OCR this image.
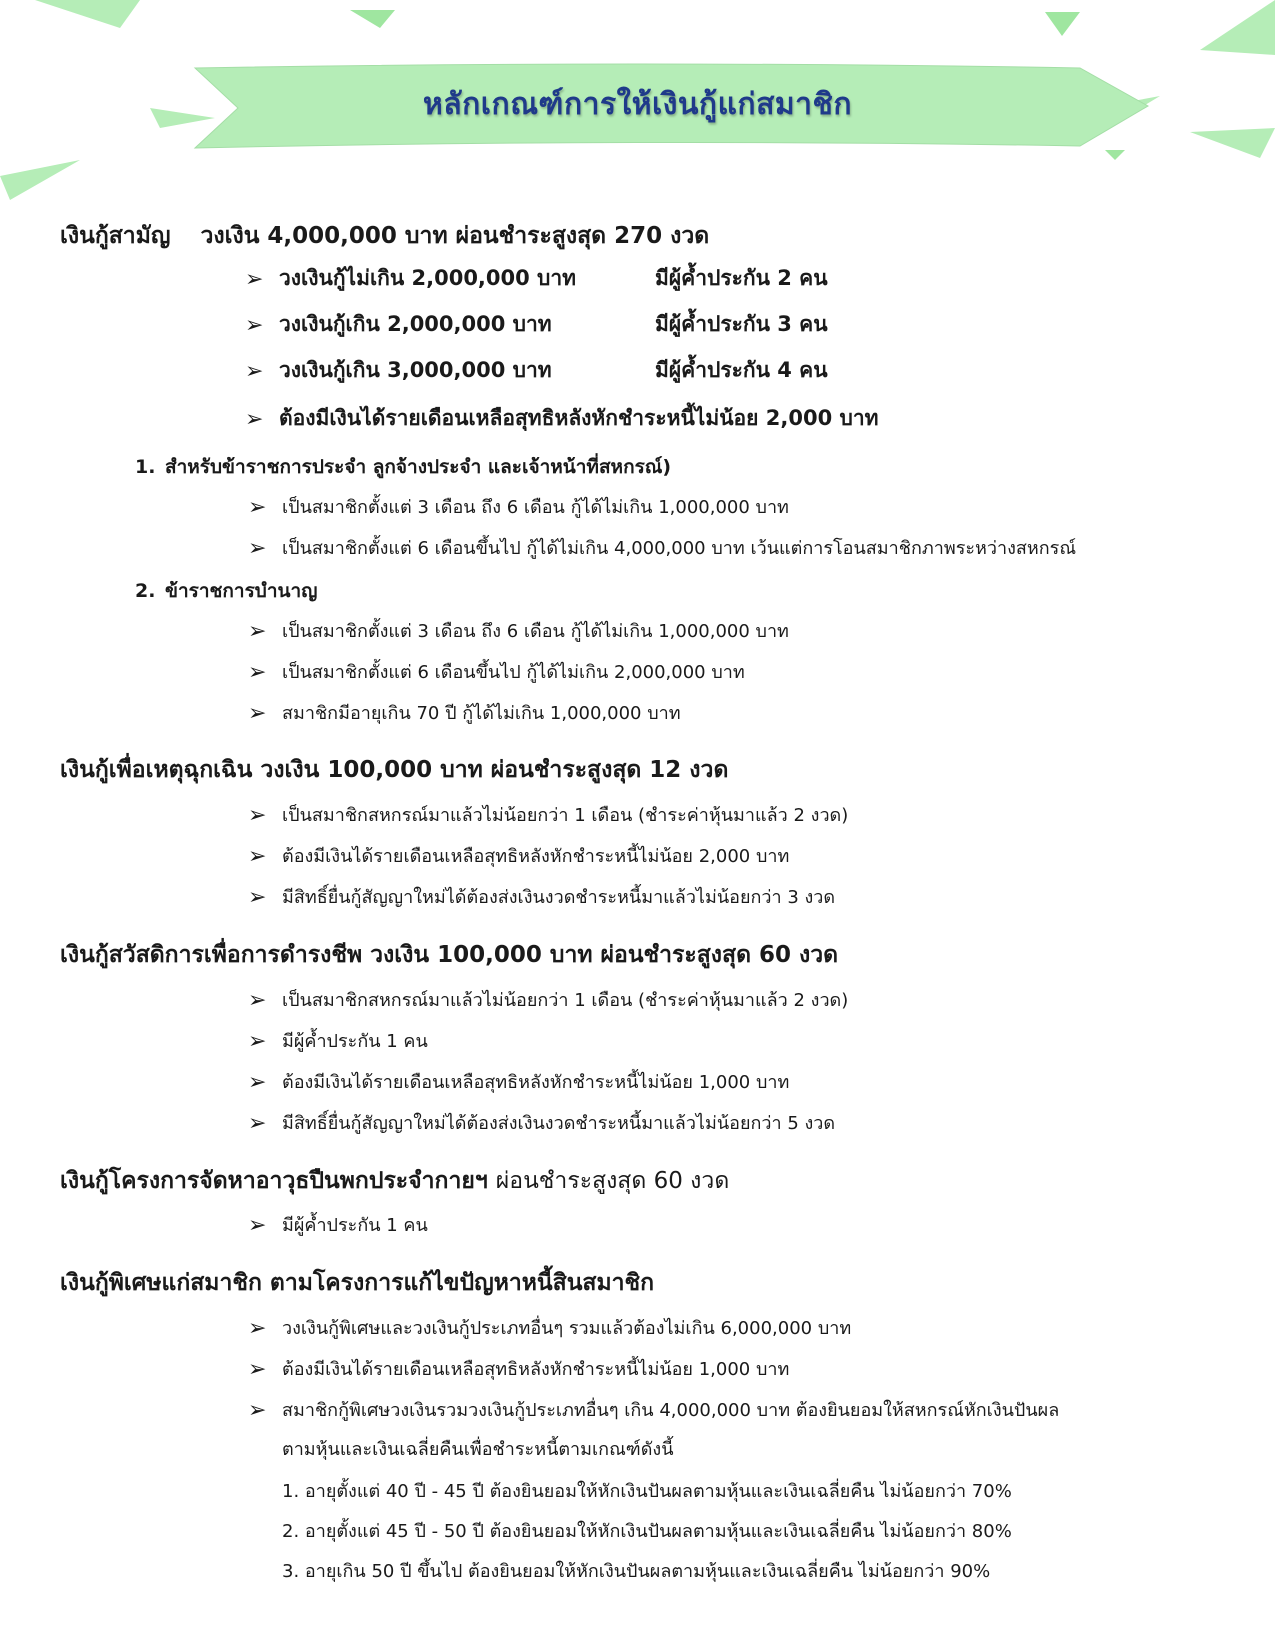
หลักเกณฑ์การให้เงินกู้แก่สมาชิก
เงินกู้สามัญ วงเงิน 4,000,000 บาท ผ่อนชำระสูงสุด 270 งวด
➢ วงเงินกู้ไม่เกิน 2,000,000 บาท	มีผู้ค้ำประกัน 2 คน
➢ วงเงินกู้เกิน 2,000,000 บาท	มีผู้ค้ำประกัน 3 คน
➢ วงเงินกู้เกิน 3,000,000 บาท	มีผู้ค้ำประกัน 4 คน
➢ ต้องมีเงินได้รายเดือนเหลือสุทธิหลังหักชำระหนี้ไม่น้อย 2,000 บาท
1. สำหรับข้าราชการประจำ ลูกจ้างประจำ และเจ้าหน้าที่สหกรณ์)
➢ เป็นสมาชิกตั้งแต่ 3 เดือน ถึง 6 เดือน กู้ได้ไม่เกิน 1,000,000 บาท
➢ เป็นสมาชิกตั้งแต่ 6 เดือนขึ้นไป กู้ได้ไม่เกิน 4,000,000 บาท เว้นแต่การโอนสมาชิกภาพระหว่างสหกรณ์
2. ข้าราชการบำนาญ
➢ เป็นสมาชิกตั้งแต่ 3 เดือน ถึง 6 เดือน กู้ได้ไม่เกิน 1,000,000 บาท
➢ เป็นสมาชิกตั้งแต่ 6 เดือนขึ้นไป กู้ได้ไม่เกิน 2,000,000 บาท
➢ สมาชิกมีอายุเกิน 70 ปี กู้ได้ไม่เกิน 1,000,000 บาท
เงินกู้เพื่อเหตุฉุกเฉิน วงเงิน 100,000 บาท ผ่อนชำระสูงสุด 12 งวด
➢ เป็นสมาชิกสหกรณ์มาแล้วไม่น้อยกว่า 1 เดือน (ชำระค่าหุ้นมาแล้ว 2 งวด)
➢ ต้องมีเงินได้รายเดือนเหลือสุทธิหลังหักชำระหนี้ไม่น้อย 2,000 บาท
➢ มีสิทธิ์ยื่นกู้สัญญาใหม่ได้ต้องส่งเงินงวดชำระหนี้มาแล้วไม่น้อยกว่า 3 งวด
เงินกู้สวัสดิการเพื่อการดำรงชีพ วงเงิน 100,000 บาท ผ่อนชำระสูงสุด 60 งวด
➢ เป็นสมาชิกสหกรณ์มาแล้วไม่น้อยกว่า 1 เดือน (ชำระค่าหุ้นมาแล้ว 2 งวด)
➢ มีผู้ค้ำประกัน 1 คน
➢ ต้องมีเงินได้รายเดือนเหลือสุทธิหลังหักชำระหนี้ไม่น้อย 1,000 บาท
➢ มีสิทธิ์ยื่นกู้สัญญาใหม่ได้ต้องส่งเงินงวดชำระหนี้มาแล้วไม่น้อยกว่า 5 งวด
เงินกู้โครงการจัดหาอาวุธปืนพกประจำกายฯ ผ่อนชำระสูงสุด 60 งวด
➢ มีผู้ค้ำประกัน 1 คน
เงินกู้พิเศษแก่สมาชิก ตามโครงการแก้ไขปัญหาหนี้สินสมาชิก
➢ วงเงินกู้พิเศษและวงเงินกู้ประเภทอื่นๆ รวมแล้วต้องไม่เกิน 6,000,000 บาท
➢ ต้องมีเงินได้รายเดือนเหลือสุทธิหลังหักชำระหนี้ไม่น้อย 1,000 บาท
➢ สมาชิกกู้พิเศษวงเงินรวมวงเงินกู้ประเภทอื่นๆ เกิน 4,000,000 บาท ต้องยินยอมให้สหกรณ์หักเงินปันผล
ตามหุ้นและเงินเฉลี่ยคืนเพื่อชำระหนี้ตามเกณฑ์ดังนี้
1. อายุตั้งแต่ 40 ปี - 45 ปี ต้องยินยอมให้หักเงินปันผลตามหุ้นและเงินเฉลี่ยคืน ไม่น้อยกว่า 70%
2. อายุตั้งแต่ 45 ปี - 50 ปี ต้องยินยอมให้หักเงินปันผลตามหุ้นและเงินเฉลี่ยคืน ไม่น้อยกว่า 80%
3. อายุเกิน 50 ปี ขึ้นไป ต้องยินยอมให้หักเงินปันผลตามหุ้นและเงินเฉลี่ยคืน ไม่น้อยกว่า 90%
